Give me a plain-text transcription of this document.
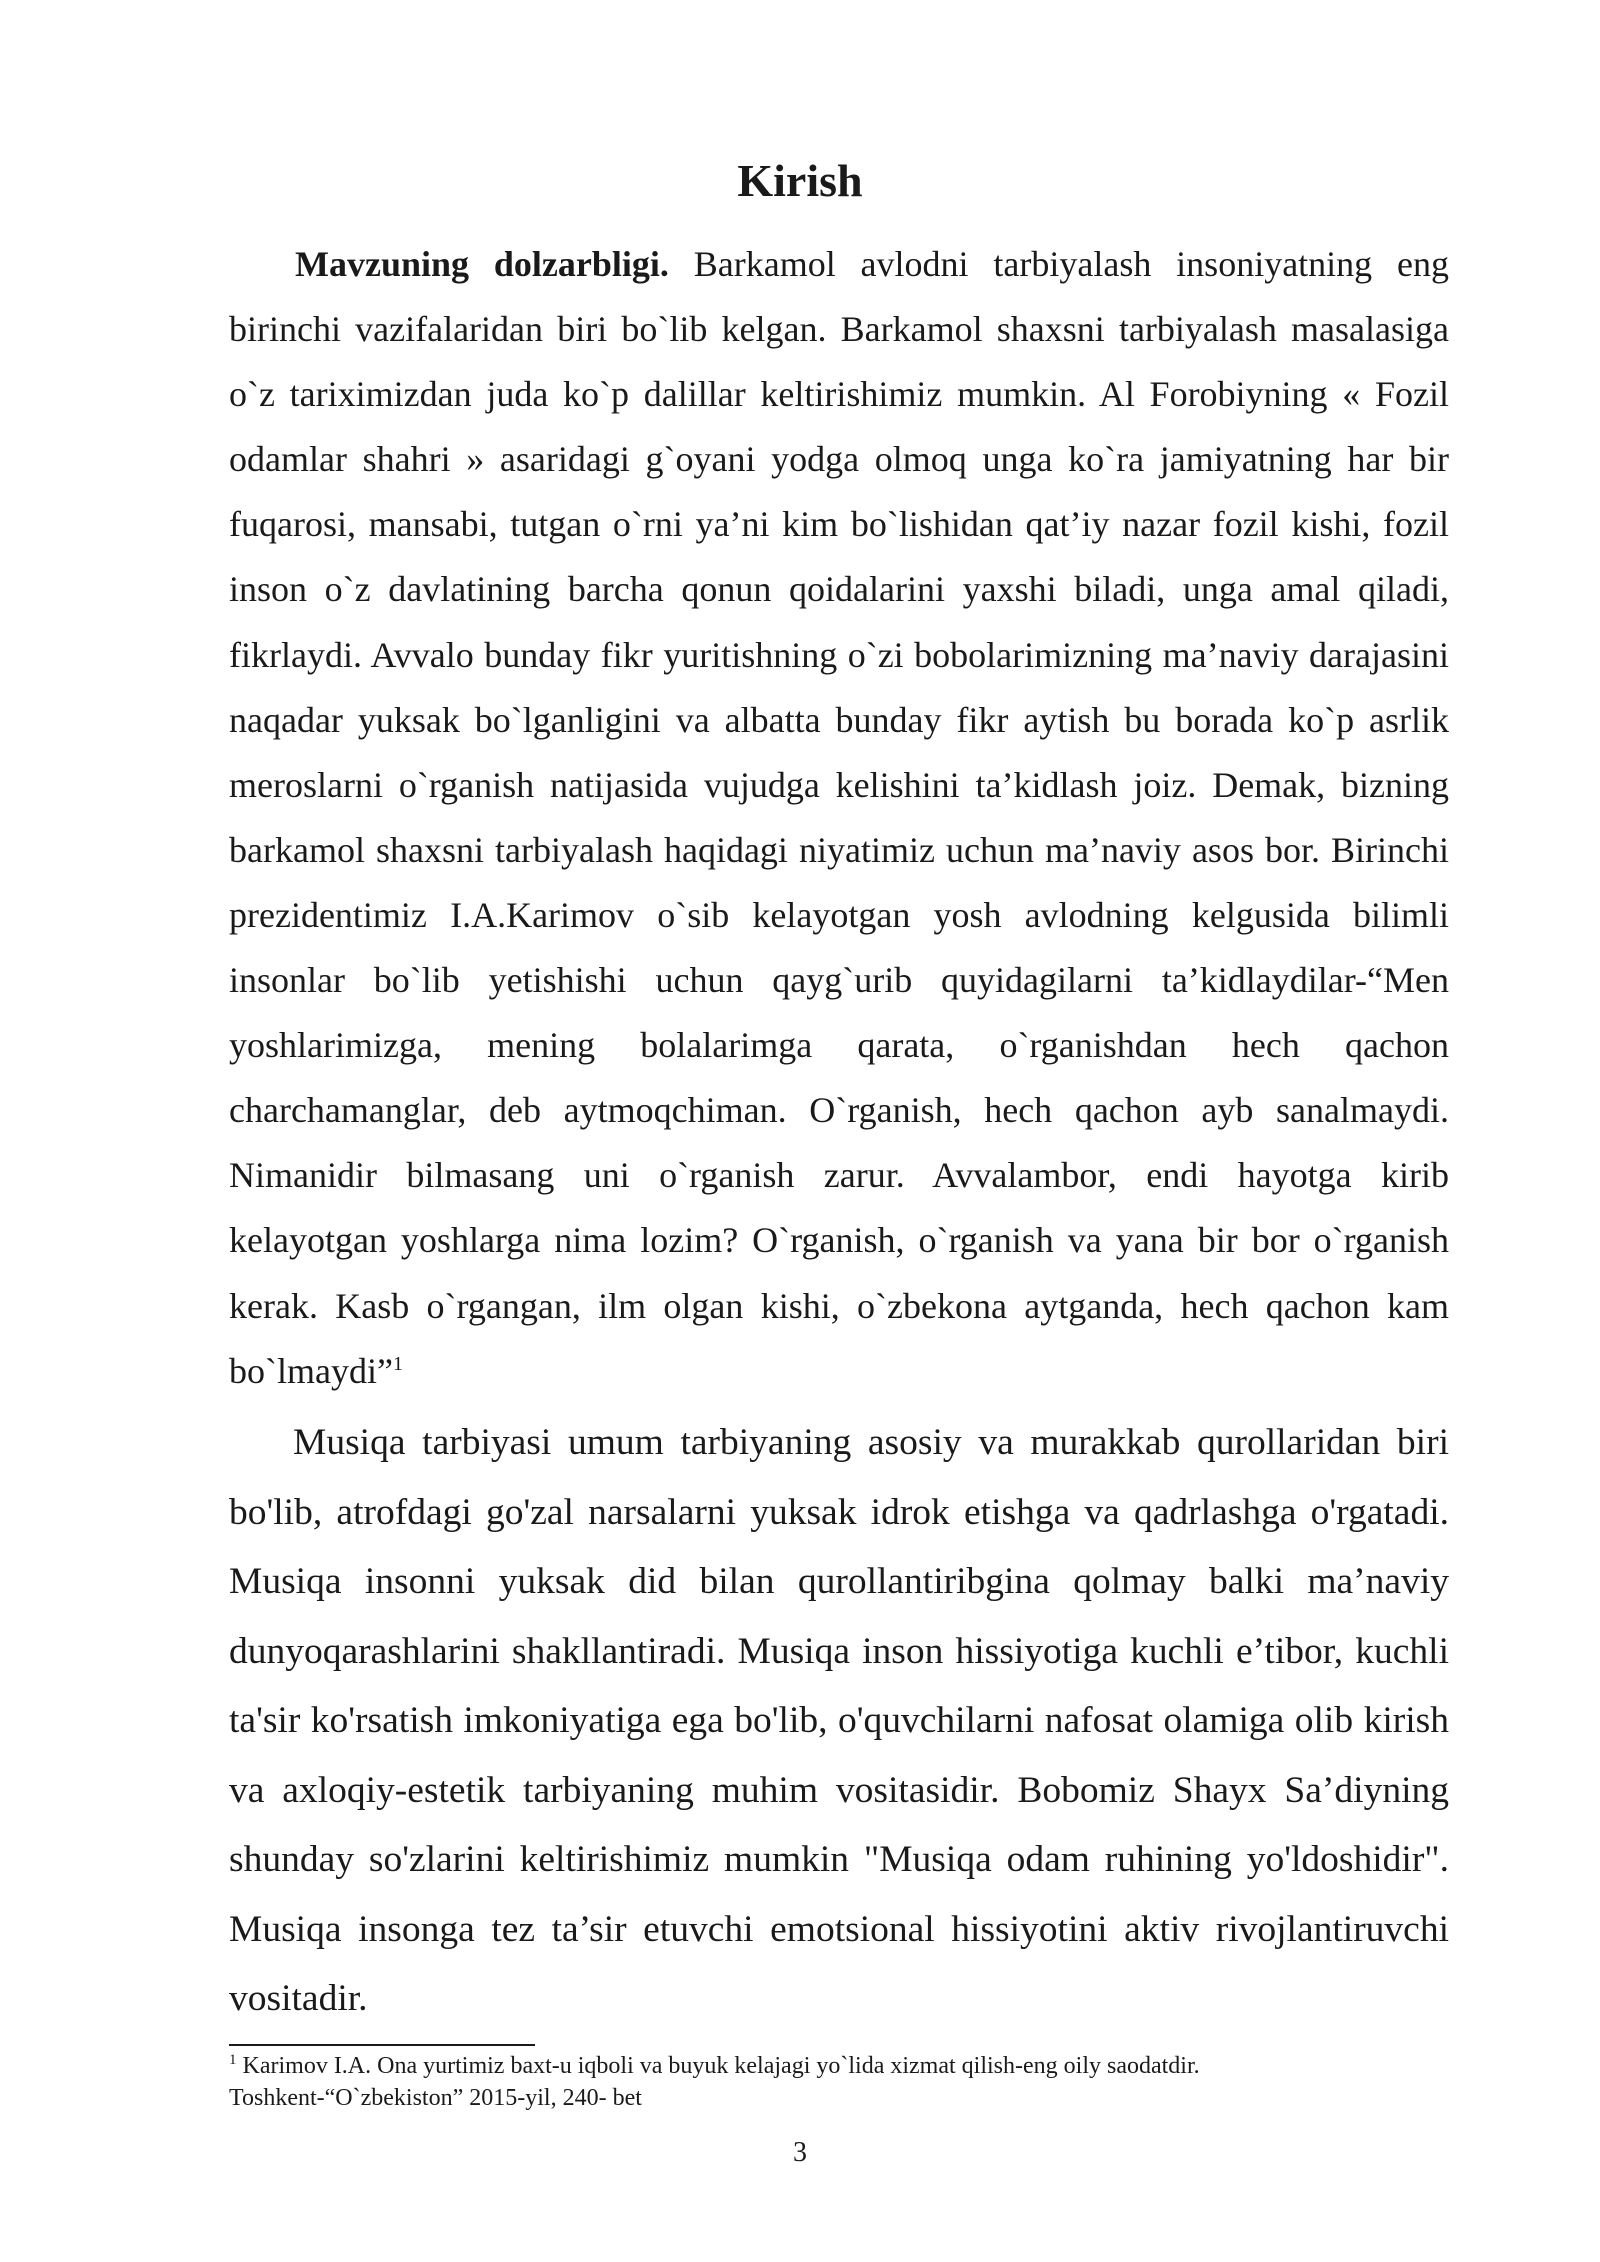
Kirish

Mavzuning dolzarbligi. Barkamol avlodni tarbiyalash insoniyatning eng birinchi vazifalaridan biri bo`lib kelgan. Barkamol shaxsni tarbiyalash masalasiga o`z tariximizdan juda ko`p dalillar keltirishimiz mumkin. Al Forobiyning « Fozil odamlar shahri » asaridagi g`oyani yodga olmoq unga ko`ra jamiyatning har bir fuqarosi, mansabi, tutgan o`rni ya’ni kim bo`lishidan qat’iy nazar fozil kishi, fozil inson o`z davlatining barcha qonun qoidalarini yaxshi biladi, unga amal qiladi, fikrlaydi. Avvalo bunday fikr yuritishning o`zi bobolarimizning ma’naviy darajasini naqadar yuksak bo`lganligini va albatta bunday fikr aytish bu borada ko`p asrlik meroslarni o`rganish natijasida vujudga kelishini ta’kidlash joiz. Demak, bizning barkamol shaxsni tarbiyalash haqidagi niyatimiz uchun ma’naviy asos bor. Birinchi prezidentimiz I.A.Karimov o`sib kelayotgan yosh avlodning kelgusida bilimli insonlar bo`lib yetishishi uchun qayg`urib quyidagilarni ta’kidlaydilar-“Men yoshlarimizga, mening bolalarimga qarata, o`rganishdan hech qachon charchamanglar, deb aytmoqchiman. O`rganish, hech qachon ayb sanalmaydi. Nimanidir bilmasang uni o`rganish zarur. Avvalambor, endi hayotga kirib kelayotgan yoshlarga nima lozim? O`rganish, o`rganish va yana bir bor o`rganish kerak. Kasb o`rgangan, ilm olgan kishi, o`zbekona aytganda, hech qachon kam bo`lmaydi”$^1$

Musiqa tarbiyasi umum tarbiyaning asosiy va murakkab qurollaridan biri bo'lib, atrofdagi go'zal narsalarni yuksak idrok etishga va qadrlashga o'rgatadi. Musiqa insonni yuksak did bilan qurollantiribgina qolmay balki ma’naviy dunyoqarashlarini shakllantiradi. Musiqa inson hissiyotiga kuchli e’tibor, kuchli ta'sir ko'rsatish imkoniyatiga ega bo'lib, o'quvchilarni nafosat olamiga olib kirish va axloqiy-estetik tarbiyaning muhim vositasidir. Bobomiz Shayx Sa’diyning shunday so'zlarini keltirishimiz mumkin "Musiqa odam ruhining yo'ldoshidir". Musiqa insonga tez ta’sir etuvchi emotsional hissiyotini aktiv rivojlantiruvchi vositadir.

$^1$ Karimov I.A. Ona yurtimiz baxt-u iqboli va buyuk kelajagi yo`lida xizmat qilish-eng oily saodatdir.
Toshkent-“O`zbekiston” 2015-yil, 240- bet

3
